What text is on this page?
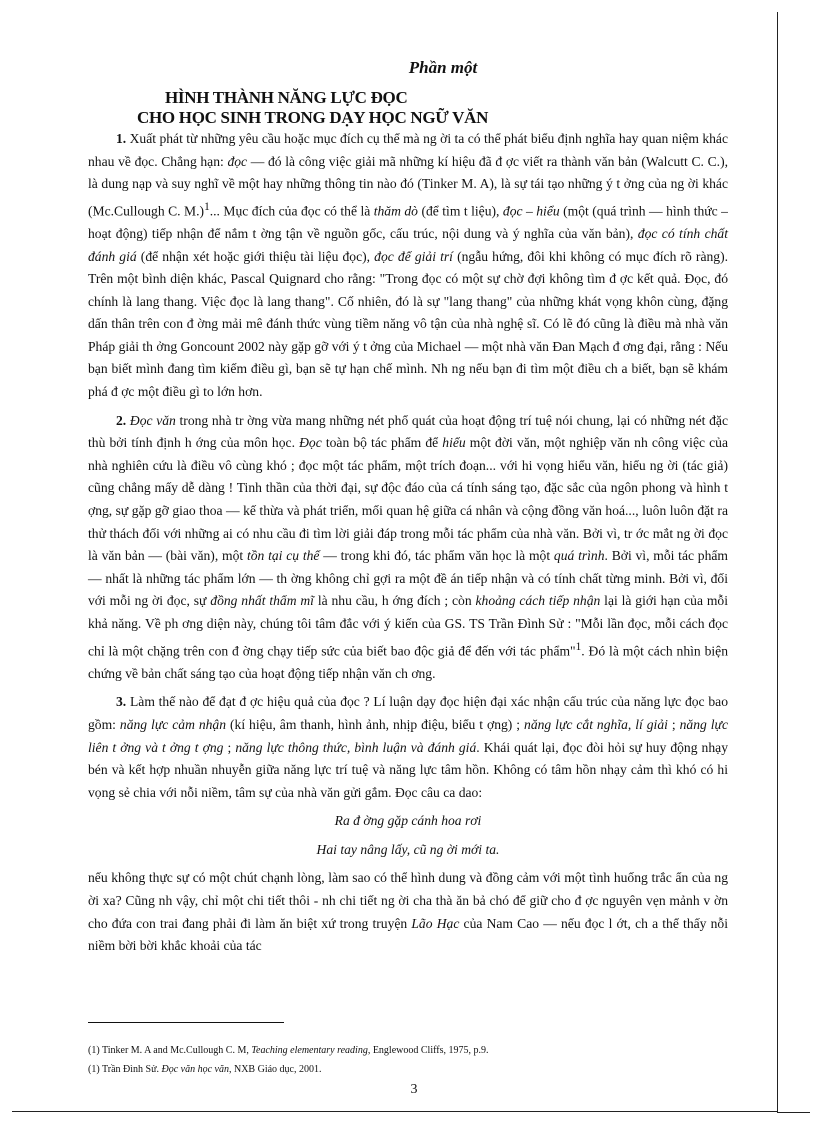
Phần một
HÌNH THÀNH NĂNG LỰC ĐỌC
CHO HỌC SINH TRONG DẠY HỌC NGỮ VĂN

1. Xuất phát từ những yêu cầu hoặc mục đích cụ thể mà ng ời ta có thể phát biểu định nghĩa hay quan niệm khác nhau về đọc. Chẳng hạn: đọc — đó là công việc giải mã những kí hiệu đã đ ợc viết ra thành văn bản (Walcutt C. C.), là dung nạp và suy nghĩ về một hay những thông tin nào đó (Tinker M. A), là sự tái tạo những ý t ởng của ng ời khác (Mc.Cullough C. M.)$^1$... Mục đích của đọc có thể là thăm dò (để tìm t liệu), đọc – hiểu (một (quá trình — hình thức – hoạt động) tiếp nhận để nắm t ờng tận về nguồn gốc, cấu trúc, nội dung và ý nghĩa của văn bản), đọc có tính chất đánh giá (để nhận xét hoặc giới thiệu tài liệu đọc), đọc để giải trí (ngẫu hứng, đôi khi không có mục đích rõ ràng). Trên một bình diện khác, Pascal Quignard cho rằng: "Trong đọc có một sự chờ đợi không tìm đ ợc kết quả. Đọc, đó chính là lang thang. Việc đọc là lang thang". Cố nhiên, đó là sự "lang thang" của những khát vọng khôn cùng, đặng dấn thân trên con đ ờng mải mê đánh thức vùng tiềm năng vô tận của nhà nghệ sĩ. Có lẽ đó cũng là điều mà nhà văn Pháp giải th ởng Goncount 2002 này gặp gỡ với ý t ởng của Michael — một nhà văn Đan Mạch đ ơng đại, rằng : Nếu bạn biết mình đang tìm kiếm điều gì, bạn sẽ tự hạn chế mình. Nh ng nếu bạn đi tìm một điều ch a biết, bạn sẽ khám phá đ ợc một điều gì to lớn hơn.

2. Đọc văn trong nhà tr ờng vừa mang những nét phổ quát của hoạt động trí tuệ nói chung, lại có những nét đặc thù bởi tính định h ớng của môn học. Đọc toàn bộ tác phẩm để hiểu một đời văn, một nghiệp văn nh công việc của nhà nghiên cứu là điều vô cùng khó ; đọc một tác phẩm, một trích đoạn... với hi vọng hiểu văn, hiểu ng ời (tác giả) cũng chẳng mấy dễ dàng ! Tinh thần của thời đại, sự độc đáo của cá tính sáng tạo, đặc sắc của ngôn phong và hình t ợng, sự gặp gỡ giao thoa — kế thừa và phát triển, mối quan hệ giữa cá nhân và cộng đồng văn hoá..., luôn luôn đặt ra thử thách đối với những ai có nhu cầu đi tìm lời giải đáp trong mỗi tác phẩm của nhà văn. Bởi vì, tr ớc mắt ng ời đọc là văn bản — (bài văn), một tồn tại cụ thể — trong khi đó, tác phẩm văn học là một quá trình. Bởi vì, mỗi tác phẩm — nhất là những tác phẩm lớn — th ờng không chỉ gợi ra một đề án tiếp nhận và có tính chất từng minh. Bởi vì, đối với mỗi ng ời đọc, sự đồng nhất thẩm mĩ là nhu cầu, h ớng đích ; còn khoảng cách tiếp nhận lại là giới hạn của mỗi khả năng. Về ph ơng diện này, chúng tôi tâm đắc với ý kiến của GS. TS Trần Đình Sử : "Mỗi lần đọc, mỗi cách đọc chỉ là một chặng trên con đ ờng chạy tiếp sức của biết bao độc giả để đến với tác phẩm"$^1$. Đó là một cách nhìn biện chứng về bản chất sáng tạo của hoạt động tiếp nhận văn ch ơng.

3. Làm thế nào để đạt đ ợc hiệu quả của đọc ? Lí luận dạy đọc hiện đại xác nhận cấu trúc của năng lực đọc bao gồm: năng lực cảm nhận (kí hiệu, âm thanh, hình ảnh, nhịp điệu, biểu t ợng) ; năng lực cắt nghĩa, lí giải ; năng lực liên t ởng và t ởng t ợng ; năng lực thông thức, bình luận và đánh giá. Khái quát lại, đọc đòi hỏi sự huy động nhạy bén và kết hợp nhuần nhuyễn giữa năng lực trí tuệ và năng lực tâm hồn. Không có tâm hồn nhạy cảm thì khó có hi vọng sẻ chia với nỗi niềm, tâm sự của nhà văn gửi gắm. Đọc câu ca dao:

Ra đ ờng gặp cánh hoa rơi

Hai tay nâng lấy, cũ ng ời mới ta.

nếu không thực sự có một chút chạnh lòng, làm sao có thể hình dung và đồng cảm với một tình huống trắc ẩn của ng ời xa? Cũng nh vậy, chỉ một chi tiết thôi - nh chi tiết ng ời cha thà ăn bả chó để giữ cho đ ợc nguyên vẹn mảnh v ờn cho đứa con trai đang phải đi làm ăn biệt xứ trong truyện Lão Hạc của Nam Cao — nếu đọc l ớt, ch a thể thấy nỗi niềm bời bời khắc khoải của tác

(1) Tinker M. A and Mc.Cullough C. M, Teaching elementary reading, Englewood Cliffs, 1975, p.9.
(1) Trần Đình Sử. Đọc văn học văn, NXB Giáo dục, 2001.
3
